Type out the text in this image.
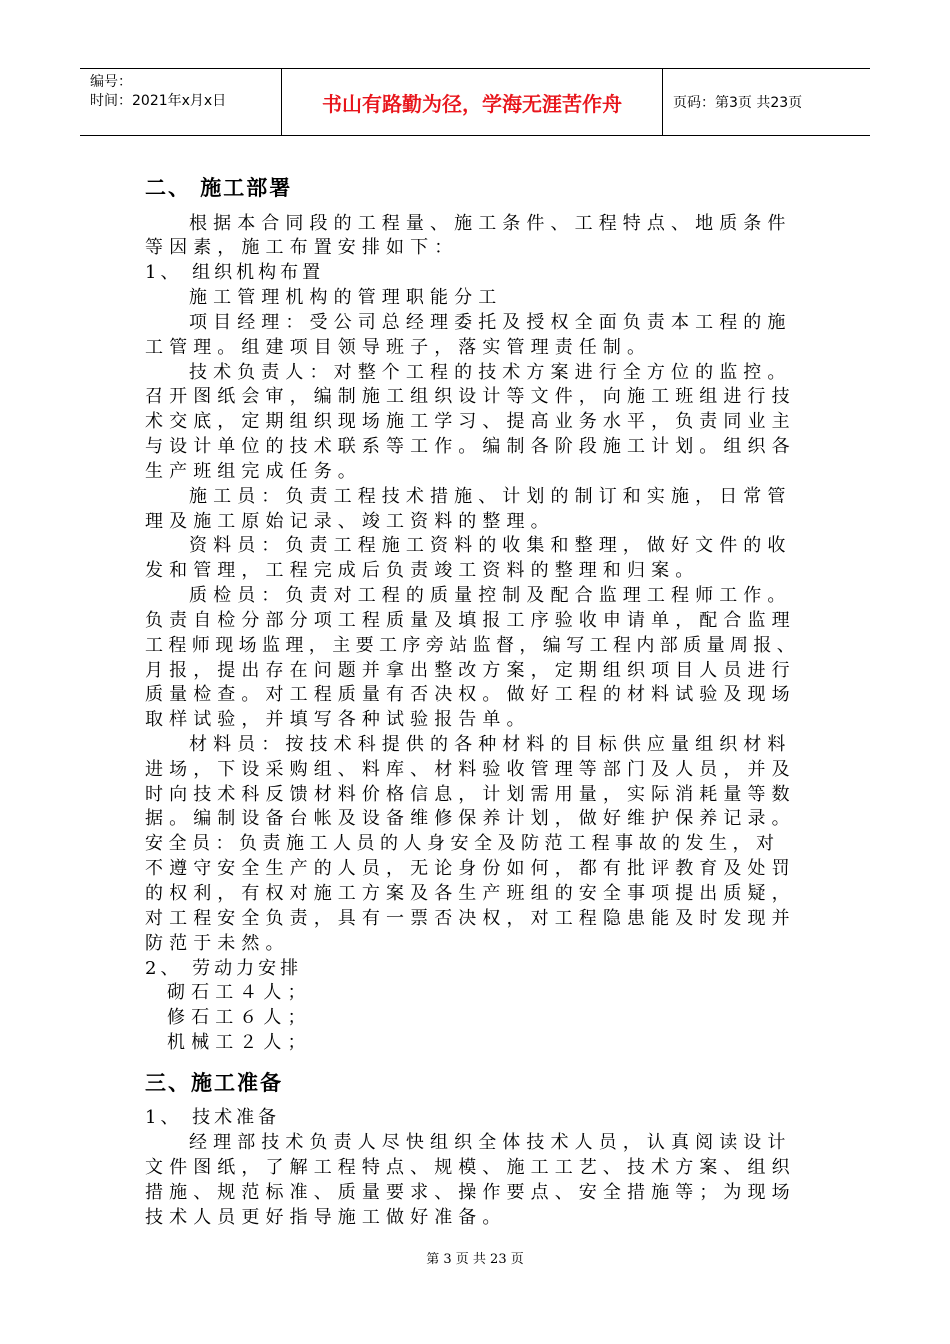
编号：
时间：2021年x月x日	书山有路勤为径，学海无涯苦作舟	页码：第3页 共23页
二、 施工部署
根据本合同段的工程量、施工条件、工程特点、地质条件
等因素，施工布置安排如下：
1、 组织机构布置
施工管理机构的管理职能分工
项目经理：受公司总经理委托及授权全面负责本工程的施
工管理。组建项目领导班子，落实管理责任制。
技术负责人：对整个工程的技术方案进行全方位的监控。
召开图纸会审，编制施工组织设计等文件，向施工班组进行技
术交底，定期组织现场施工学习、提高业务水平，负责同业主
与设计单位的技术联系等工作。编制各阶段施工计划。组织各
生产班组完成任务。
施工员：负责工程技术措施、计划的制订和实施，日常管
理及施工原始记录、竣工资料的整理。
资料员：负责工程施工资料的收集和整理，做好文件的收
发和管理，工程完成后负责竣工资料的整理和归案。
质检员：负责对工程的质量控制及配合监理工程师工作。
负责自检分部分项工程质量及填报工序验收申请单，配合监理
工程师现场监理，主要工序旁站监督，编写工程内部质量周报、
月报，提出存在问题并拿出整改方案，定期组织项目人员进行
质量检查。对工程质量有否决权。做好工程的材料试验及现场
取样试验，并填写各种试验报告单。
材料员：按技术科提供的各种材料的目标供应量组织材料
进场，下设采购组、料库、材料验收管理等部门及人员，并及
时向技术科反馈材料价格信息，计划需用量，实际消耗量等数
据。编制设备台帐及设备维修保养计划，做好维护保养记录。
安全员：负责施工人员的人身安全及防范工程事故的发生，对
不遵守安全生产的人员，无论身份如何，都有批评教育及处罚
的权利，有权对施工方案及各生产班组的安全事项提出质疑，
对工程安全负责，具有一票否决权，对工程隐患能及时发现并
防范于未然。
2、 劳动力安排
砌石工４人；
修石工６人；
机械工２人；
三、施工准备
1、 技术准备
经理部技术负责人尽快组织全体技术人员，认真阅读设计
文件图纸，了解工程特点、规模、施工工艺、技术方案、组织
措施、规范标准、质量要求、操作要点、安全措施等；为现场
技术人员更好指导施工做好准备。
第 3 页 共 23 页
